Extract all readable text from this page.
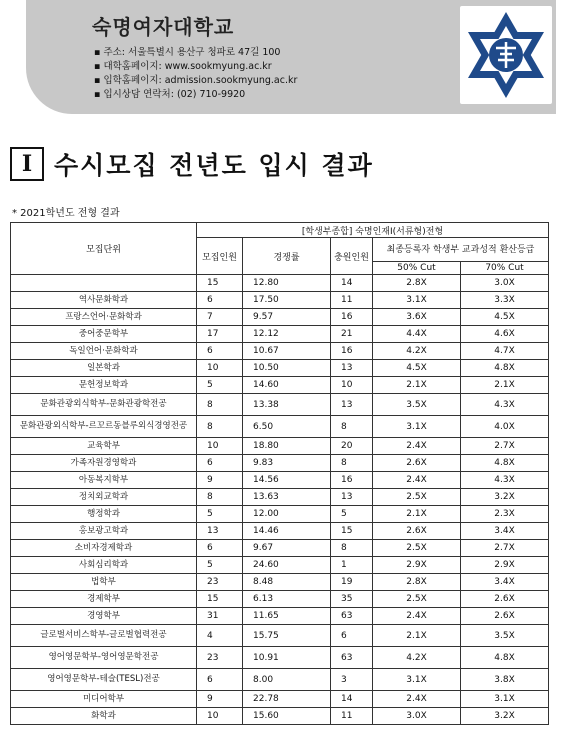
숙명여자대학교
▪ 주소: 서울특별시 용산구 청파로 47길 100
▪ 대학홈페이지: www.sookmyung.ac.kr
▪ 입학홈페이지: admission.sookmyung.ac.kr
▪ 입시상담 연락처: (02) 710-9920
I 수시모집 전년도 입시 결과
* 2021학년도 전형 결과
모집단위	[학생부종합] 숙명인재Ⅰ(서류형)전형				
	모집인원	경쟁률	충원인원	최종등록자 학생부 교과성적 환산등급	
				50% Cut	70% Cut
	15	12.80	14	2.8X	3.0X
역사문화학과	6	17.50	11	3.1X	3.3X
프랑스언어·문화학과	7	9.57	16	3.6X	4.5X
중어중문학부	17	12.12	21	4.4X	4.6X
독일언어·문화학과	6	10.67	16	4.2X	4.7X
일본학과	10	10.50	13	4.5X	4.8X
문헌정보학과	5	14.60	10	2.1X	2.1X
문화관광외식학부-문화관광학전공	8	13.38	13	3.5X	4.3X
문화관광외식학부-르꼬르동블루외식경영전공	8	6.50	8	3.1X	4.0X
교육학부	10	18.80	20	2.4X	2.7X
가족자원경영학과	6	9.83	8	2.6X	4.8X
아동복지학부	9	14.56	16	2.4X	4.3X
정치외교학과	8	13.63	13	2.5X	3.2X
행정학과	5	12.00	5	2.1X	2.3X
홍보광고학과	13	14.46	15	2.6X	3.4X
소비자경제학과	6	9.67	8	2.5X	2.7X
사회심리학과	5	24.60	1	2.9X	2.9X
법학부	23	8.48	19	2.8X	3.4X
경제학부	15	6.13	35	2.5X	2.6X
경영학부	31	11.65	63	2.4X	2.6X
글로벌서비스학부-글로벌협력전공	4	15.75	6	2.1X	3.5X
영어영문학부-영어영문학전공	23	10.91	63	4.2X	4.8X
영어영문학부-테슬(TESL)전공	6	8.00	3	3.1X	3.8X
미디어학부	9	22.78	14	2.4X	3.1X
화학과	10	15.60	11	3.0X	3.2X
